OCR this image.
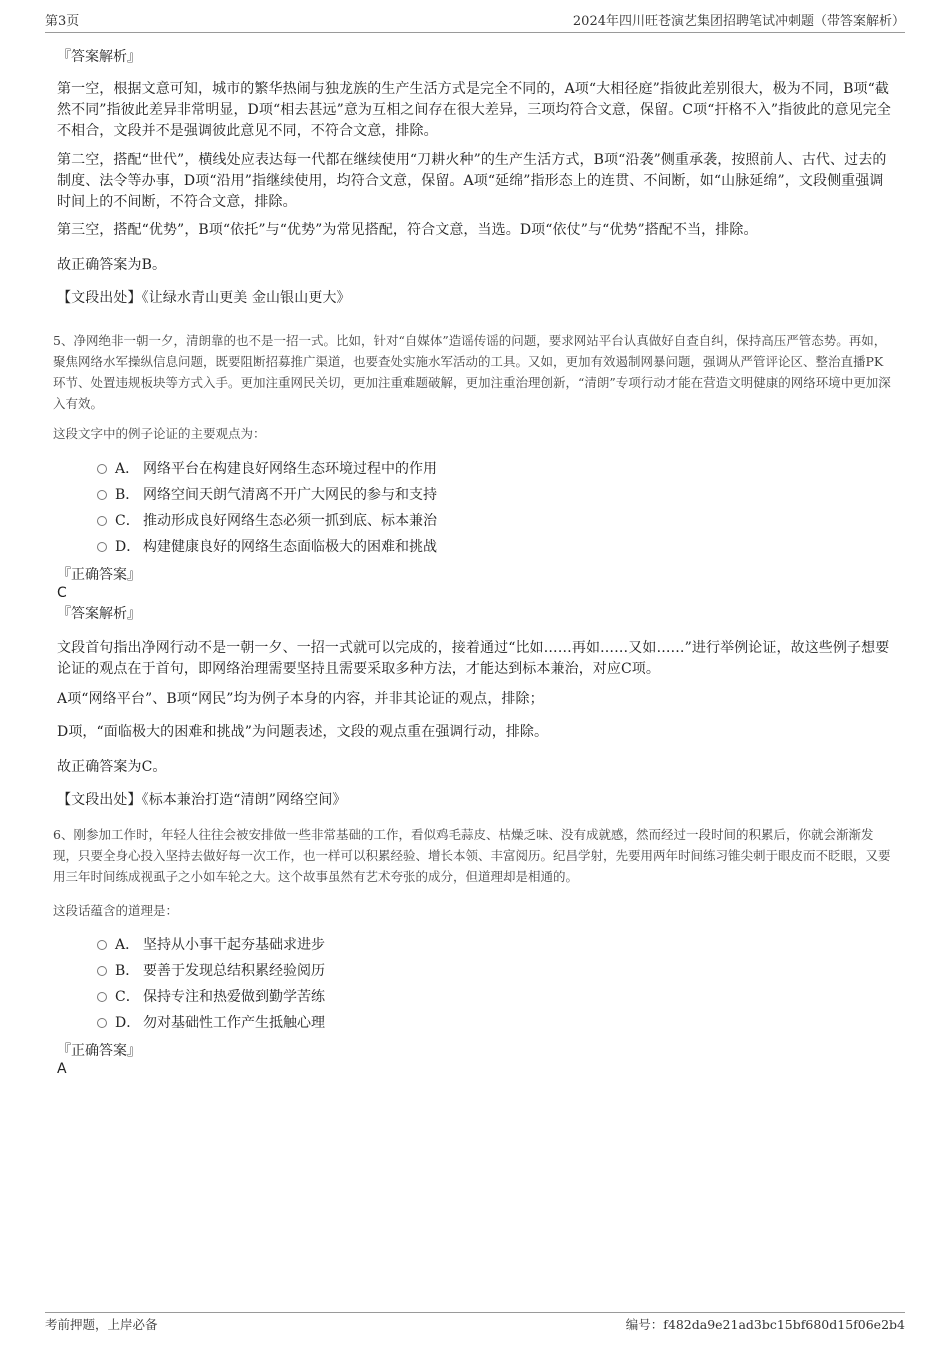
第3页	2024年四川旺苍演艺集团招聘笔试冲刺题（带答案解析）
『答案解析』
第一空，根据文意可知，城市的繁华热闹与独龙族的生产生活方式是完全不同的，A项“大相径庭”指彼此差别很大，极为不同，B项“截然不同”指彼此差异非常明显，D项“相去甚远”意为互相之间存在很大差异，三项均符合文意，保留。C项“扞格不入”指彼此的意见完全不相合，文段并不是强调彼此意见不同，不符合文意，排除。
第二空，搭配“世代”，横线处应表达每一代都在继续使用“刀耕火种”的生产生活方式，B项“沿袭”侧重承袭，按照前人、古代、过去的制度、法令等办事，D项“沿用”指继续使用，均符合文意，保留。A项“延绵”指形态上的连贯、不间断，如“山脉延绵”，文段侧重强调时间上的不间断，不符合文意，排除。
第三空，搭配“优势”，B项“依托”与“优势”为常见搭配，符合文意，当选。D项“依仗”与“优势”搭配不当，排除。
故正确答案为B。
【文段出处】《让绿水青山更美 金山银山更大》
5、净网绝非一朝一夕，清朗靠的也不是一招一式。比如，针对“自媒体”造谣传谣的问题，要求网站平台认真做好自查自纠，保持高压严管态势。再如，聚焦网络水军操纵信息问题，既要阻断招募推广渠道，也要查处实施水军活动的工具。又如，更加有效遏制网暴问题，强调从严管评论区、整治直播PK环节、处置违规板块等方式入手。更加注重网民关切，更加注重难题破解，更加注重治理创新，“清朗”专项行动才能在营造文明健康的网络环境中更加深入有效。
这段文字中的例子论证的主要观点为：
A． 网络平台在构建良好网络生态环境过程中的作用
B． 网络空间天朗气清离不开广大网民的参与和支持
C． 推动形成良好网络生态必须一抓到底、标本兼治
D． 构建健康良好的网络生态面临极大的困难和挑战
『正确答案』
C
『答案解析』
文段首句指出净网行动不是一朝一夕、一招一式就可以完成的，接着通过“比如……再如……又如……”进行举例论证，故这些例子想要论证的观点在于首句，即网络治理需要坚持且需要采取多种方法，才能达到标本兼治，对应C项。
A项“网络平台”、B项“网民”均为例子本身的内容，并非其论证的观点，排除；
D项，“面临极大的困难和挑战”为问题表述，文段的观点重在强调行动，排除。
故正确答案为C。
【文段出处】《标本兼治打造“清朗”网络空间》
6、刚参加工作时，年轻人往往会被安排做一些非常基础的工作，看似鸡毛蒜皮、枯燥乏味、没有成就感，然而经过一段时间的积累后，你就会渐渐发现，只要全身心投入坚持去做好每一次工作，也一样可以积累经验、增长本领、丰富阅历。纪昌学射，先要用两年时间练习锥尖刺于眼皮而不眨眼，又要用三年时间练成视虱子之小如车轮之大。这个故事虽然有艺术夸张的成分，但道理却是相通的。
这段话蕴含的道理是：
A． 坚持从小事干起夯基础求进步
B． 要善于发现总结积累经验阅历
C． 保持专注和热爱做到勤学苦练
D． 勿对基础性工作产生抵触心理
『正确答案』
A
考前押题，上岸必备	编号：f482da9e21ad3bc15bf680d15f06e2b4
